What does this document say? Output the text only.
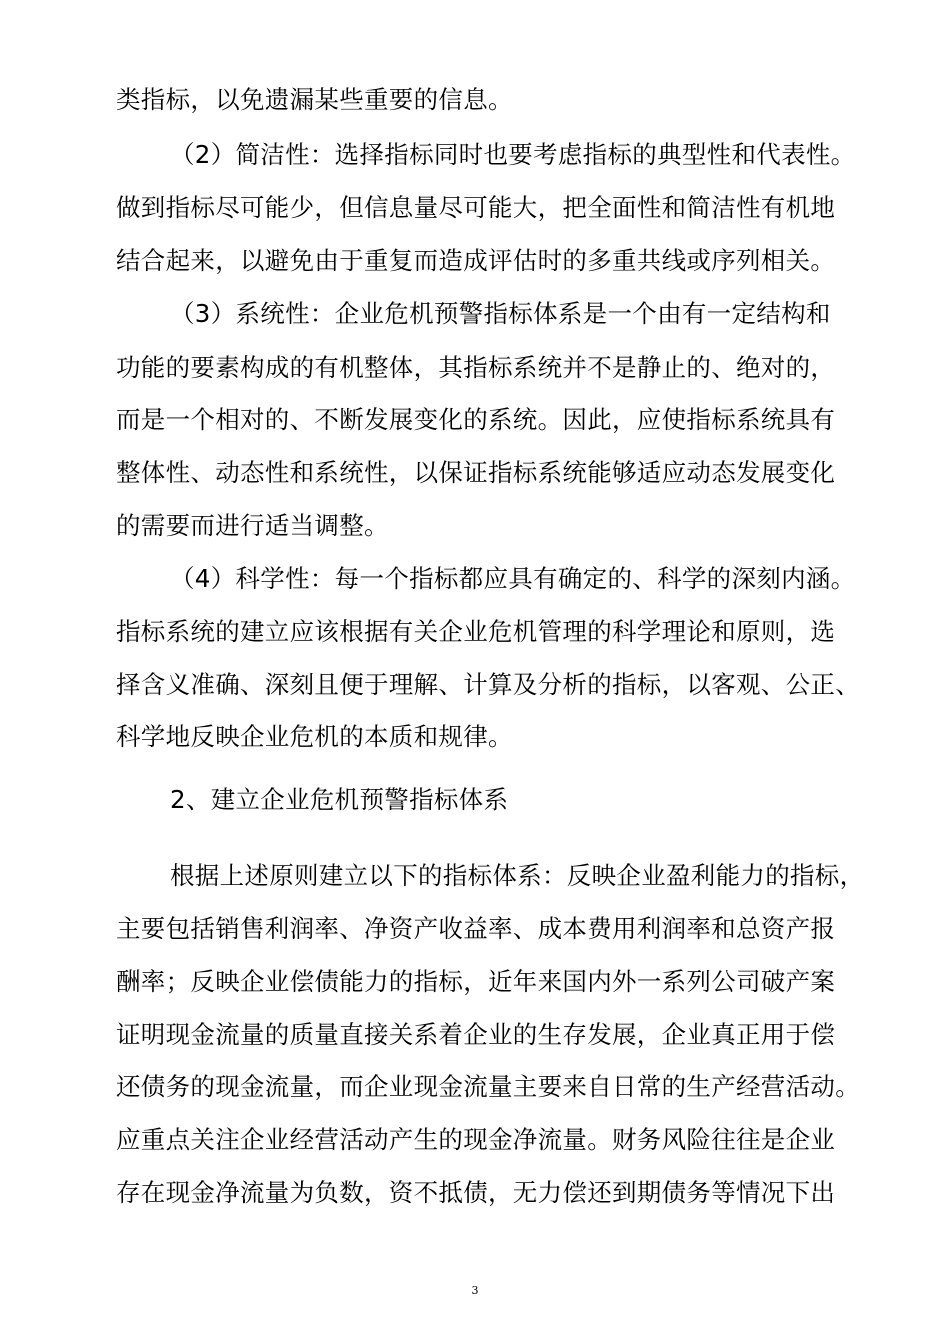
类指标，以免遗漏某些重要的信息。
（2）简洁性：选择指标同时也要考虑指标的典型性和代表性。
做到指标尽可能少，但信息量尽可能大，把全面性和简洁性有机地
结合起来，以避免由于重复而造成评估时的多重共线或序列相关。
（3）系统性：企业危机预警指标体系是一个由有一定结构和
功能的要素构成的有机整体，其指标系统并不是静止的、绝对的，
而是一个相对的、不断发展变化的系统。因此，应使指标系统具有
整体性、动态性和系统性，以保证指标系统能够适应动态发展变化
的需要而进行适当调整。
（4）科学性：每一个指标都应具有确定的、科学的深刻内涵。
指标系统的建立应该根据有关企业危机管理的科学理论和原则，选
择含义准确、深刻且便于理解、计算及分析的指标，以客观、公正、
科学地反映企业危机的本质和规律。
2、建立企业危机预警指标体系
根据上述原则建立以下的指标体系：反映企业盈利能力的指标，
主要包括销售利润率、净资产收益率、成本费用利润率和总资产报
酬率；反映企业偿债能力的指标，近年来国内外一系列公司破产案
证明现金流量的质量直接关系着企业的生存发展，企业真正用于偿
还债务的现金流量，而企业现金流量主要来自日常的生产经营活动。
应重点关注企业经营活动产生的现金净流量。财务风险往往是企业
存在现金净流量为负数，资不抵债，无力偿还到期债务等情况下出
3
